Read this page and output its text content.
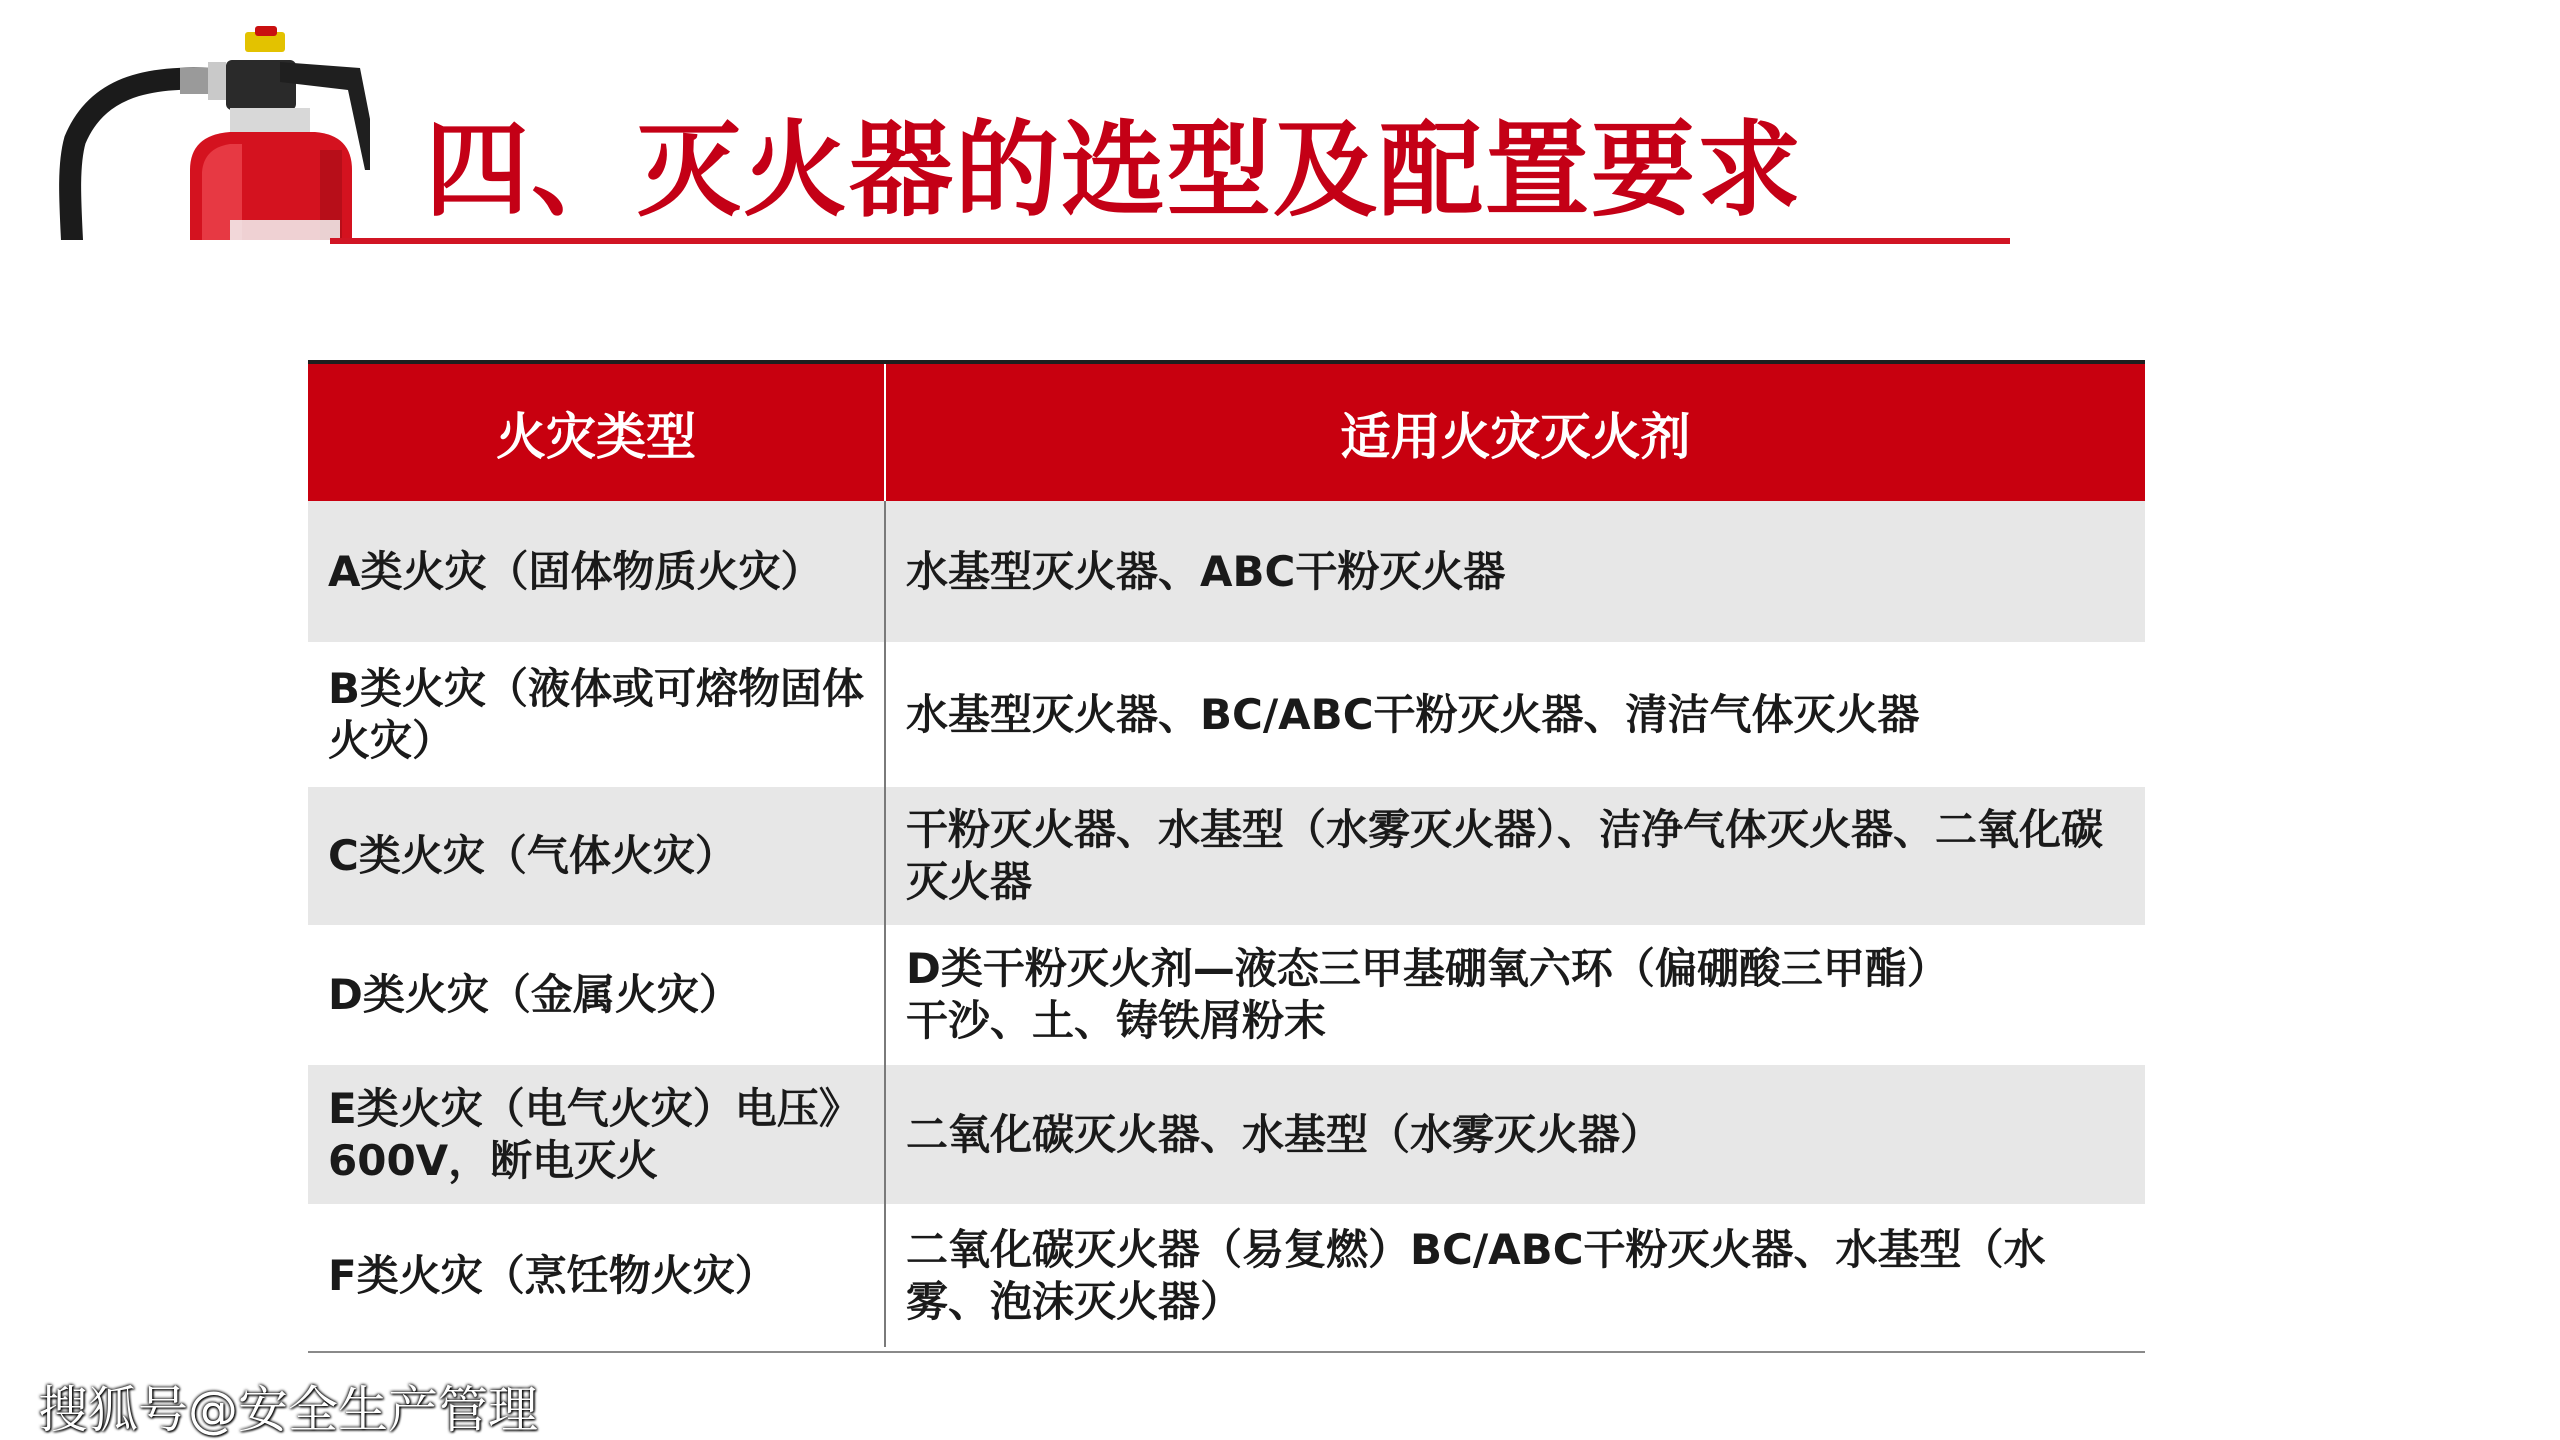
四、灭火器的选型及配置要求
火灾类型	适用火灾灭火剂
A类火灾（固体物质火灾）	水基型灭火器、ABC干粉灭火器
B类火灾（液体或可熔物固体火灾）	水基型灭火器、BC/ABC干粉灭火器、清洁气体灭火器
C类火灾（气体火灾）	干粉灭火器、水基型（水雾灭火器）、洁净气体灭火器、二氧化碳灭火器
D类火灾（金属火灾）	D类干粉灭火剂—液态三甲基硼氧六环（偏硼酸三甲酯）
干沙、土、铸铁屑粉末
E类火灾（电气火灾）电压》600V，断电灭火	二氧化碳灭火器、水基型（水雾灭火器）
F类火灾（烹饪物火灾）	二氧化碳灭火器（易复燃）BC/ABC干粉灭火器、水基型（水雾、泡沫灭火器）
搜狐号@安全生产管理
